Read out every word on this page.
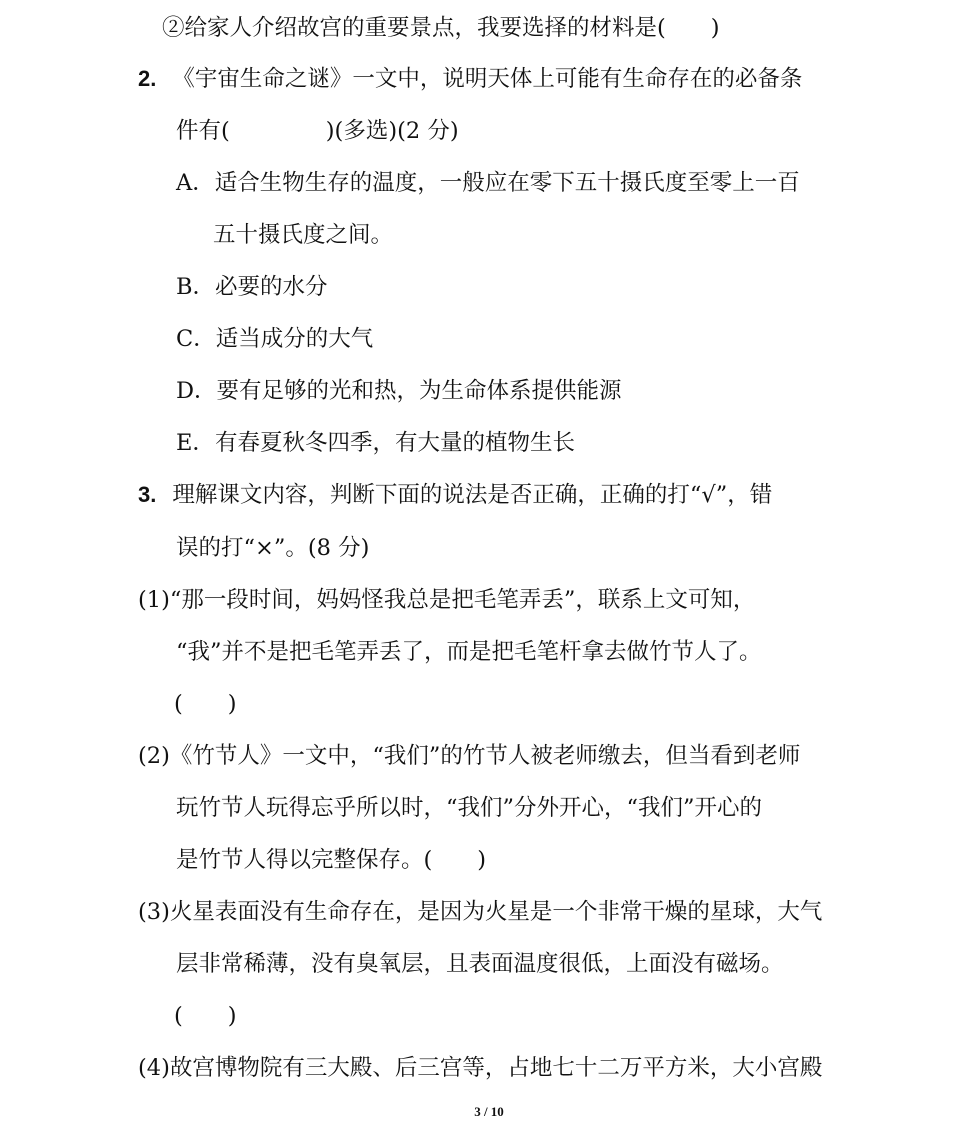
②给家人介绍故宫的重要景点，我要选择的材料是(　　)
2. 《宇宙生命之谜》一文中，说明天体上可能有生命存在的必备条
件有(	)(多选)(2 分)
A．适合生物生存的温度，一般应在零下五十摄氏度至零上一百
五十摄氏度之间。
B．必要的水分
C．适当成分的大气
D．要有足够的光和热，为生命体系提供能源
E．有春夏秋冬四季，有大量的植物生长
3. 理解课文内容，判断下面的说法是否正确，正确的打“√”，错
误的打“×”。(8 分)
(1)“那一段时间，妈妈怪我总是把毛笔弄丢”，联系上文可知，
“我”并不是把毛笔弄丢了，而是把毛笔杆拿去做竹节人了。
(　　)
(2)《竹节人》一文中，“我们”的竹节人被老师缴去，但当看到老师
玩竹节人玩得忘乎所以时，“我们”分外开心，“我们”开心的
是竹节人得以完整保存。(　　)
(3)火星表面没有生命存在，是因为火星是一个非常干燥的星球，大气
层非常稀薄，没有臭氧层，且表面温度很低，上面没有磁场。
(　　)
(4)故宫博物院有三大殿、后三宫等，占地七十二万平方米，大小宫殿
3 / 10
